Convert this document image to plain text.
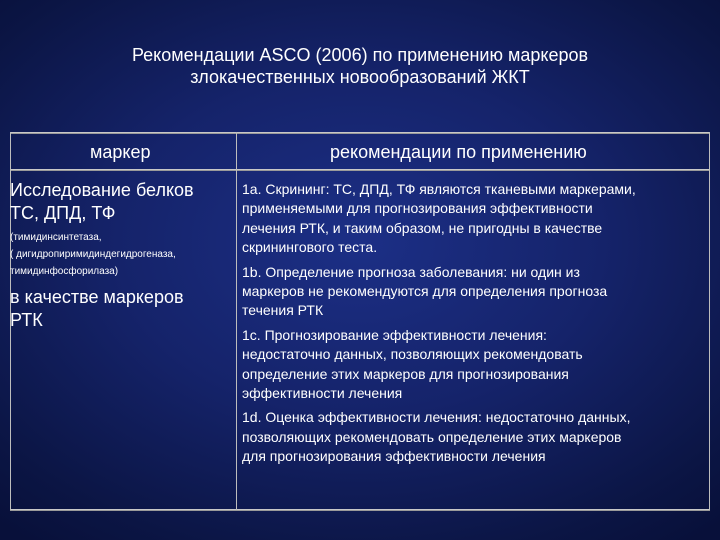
Рекомендации ASCO (2006) по применению маркеров
злокачественных новообразований ЖКТ
маркер	рекомендации по применению
Исследование белков
ТС, ДПД, ТФ
(тимидинсинтетаза,
( дигидропиримидиндегидрогеназа,
тимидинфосфорилаза)
в качестве маркеров
РТК
1а. Скрининг: ТС, ДПД, ТФ являются тканевыми маркерами,
применяемыми для прогнозирования эффективности
лечения РТК, и таким образом, не пригодны в качестве
скринингового теста.
1b. Определение прогноза заболевания: ни один из
маркеров не рекомендуются для определения прогноза
течения РТК
1с. Прогнозирование эффективности лечения:
недостаточно данных, позволяющих рекомендовать
определение этих маркеров для прогнозирования
эффективности лечения
1d. Оценка эффективности лечения: недостаточно данных,
позволяющих рекомендовать определение этих маркеров
для прогнозирования эффективности лечения
